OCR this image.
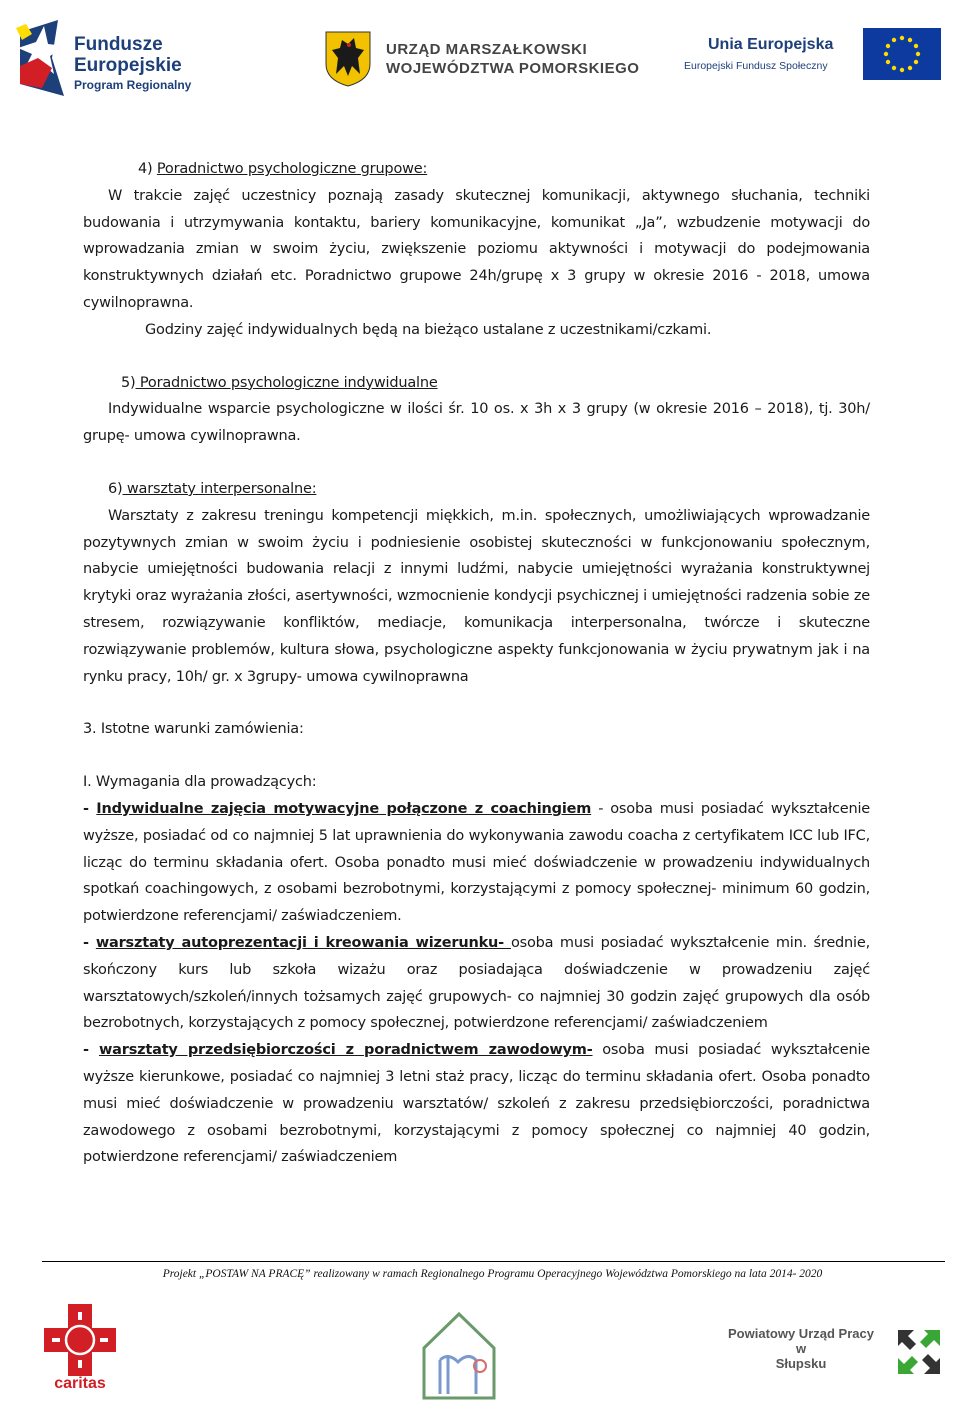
Fundusze
Europejskie
Program Regionalny
URZĄD MARSZAŁKOWSKI
WOJEWÓDZTWA POMORSKIEGO
Unia Europejska
Europejski Fundusz Społeczny

4) Poradnictwo psychologiczne grupowe:

W trakcie zajęć uczestnicy poznają zasady skutecznej komunikacji, aktywnego słuchania, techniki budowania i utrzymywania kontaktu, bariery komunikacyjne, komunikat „Ja”, wzbudzenie motywacji do wprowadzania zmian w swoim życiu, zwiększenie poziomu aktywności i motywacji do podejmowania konstruktywnych działań etc. Poradnictwo grupowe 24h/grupę x 3 grupy w okresie 2016 - 2018, umowa cywilnoprawna.

Godziny zajęć indywidualnych będą na bieżąco ustalane z uczestnikami/czkami.

5) Poradnictwo psychologiczne indywidualne

Indywidualne wsparcie psychologiczne w ilości śr. 10 os. x 3h x 3 grupy (w okresie 2016 – 2018), tj. 30h/ grupę- umowa cywilnoprawna.

6) warsztaty interpersonalne:

Warsztaty z zakresu treningu kompetencji miękkich, m.in. społecznych, umożliwiających wprowadzanie pozytywnych zmian w swoim życiu i podniesienie osobistej skuteczności w funkcjonowaniu społecznym, nabycie umiejętności budowania relacji z innymi ludźmi, nabycie umiejętności wyrażania konstruktywnej krytyki oraz wyrażania złości, asertywności, wzmocnienie kondycji psychicznej i umiejętności radzenia sobie ze stresem, rozwiązywanie konfliktów, mediacje, komunikacja interpersonalna, twórcze i skuteczne rozwiązywanie problemów, kultura słowa, psychologiczne aspekty funkcjonowania w życiu prywatnym jak i na rynku pracy, 10h/ gr. x 3grupy- umowa cywilnoprawna

3. Istotne warunki zamówienia:

I. Wymagania dla prowadzących:

- Indywidualne zajęcia motywacyjne połączone z coachingiem - osoba musi posiadać wykształcenie wyższe, posiadać od co najmniej 5 lat uprawnienia do wykonywania zawodu coacha z certyfikatem ICC lub IFC, licząc do terminu składania ofert. Osoba ponadto musi mieć doświadczenie w prowadzeniu indywidualnych spotkań coachingowych, z osobami bezrobotnymi, korzystającymi z pomocy społecznej- minimum 60 godzin, potwierdzone referencjami/ zaświadczeniem.

- warsztaty autoprezentacji i kreowania wizerunku- osoba musi posiadać wykształcenie min. średnie, skończony kurs lub szkoła wizażu oraz posiadająca doświadczenie w prowadzeniu zajęć warsztatowych/szkoleń/innych tożsamych zajęć grupowych- co najmniej 30 godzin zajęć grupowych dla osób bezrobotnych, korzystających z pomocy społecznej, potwierdzone referencjami/ zaświadczeniem

- warsztaty przedsiębiorczości z poradnictwem zawodowym- osoba musi posiadać wykształcenie wyższe kierunkowe, posiadać co najmniej 3 letni staż pracy, licząc do terminu składania ofert. Osoba ponadto musi mieć doświadczenie w prowadzeniu warsztatów/ szkoleń z zakresu przedsiębiorczości, poradnictwa zawodowego z osobami bezrobotnymi, korzystającymi z pomocy społecznej co najmniej 40 godzin, potwierdzone referencjami/ zaświadczeniem

Projekt „POSTAW NA PRACĘ” realizowany w ramach Regionalnego Programu Operacyjnego Województwa Pomorskiego na lata 2014- 2020
caritas
Powiatowy Urząd Pracy
w
Słupsku
